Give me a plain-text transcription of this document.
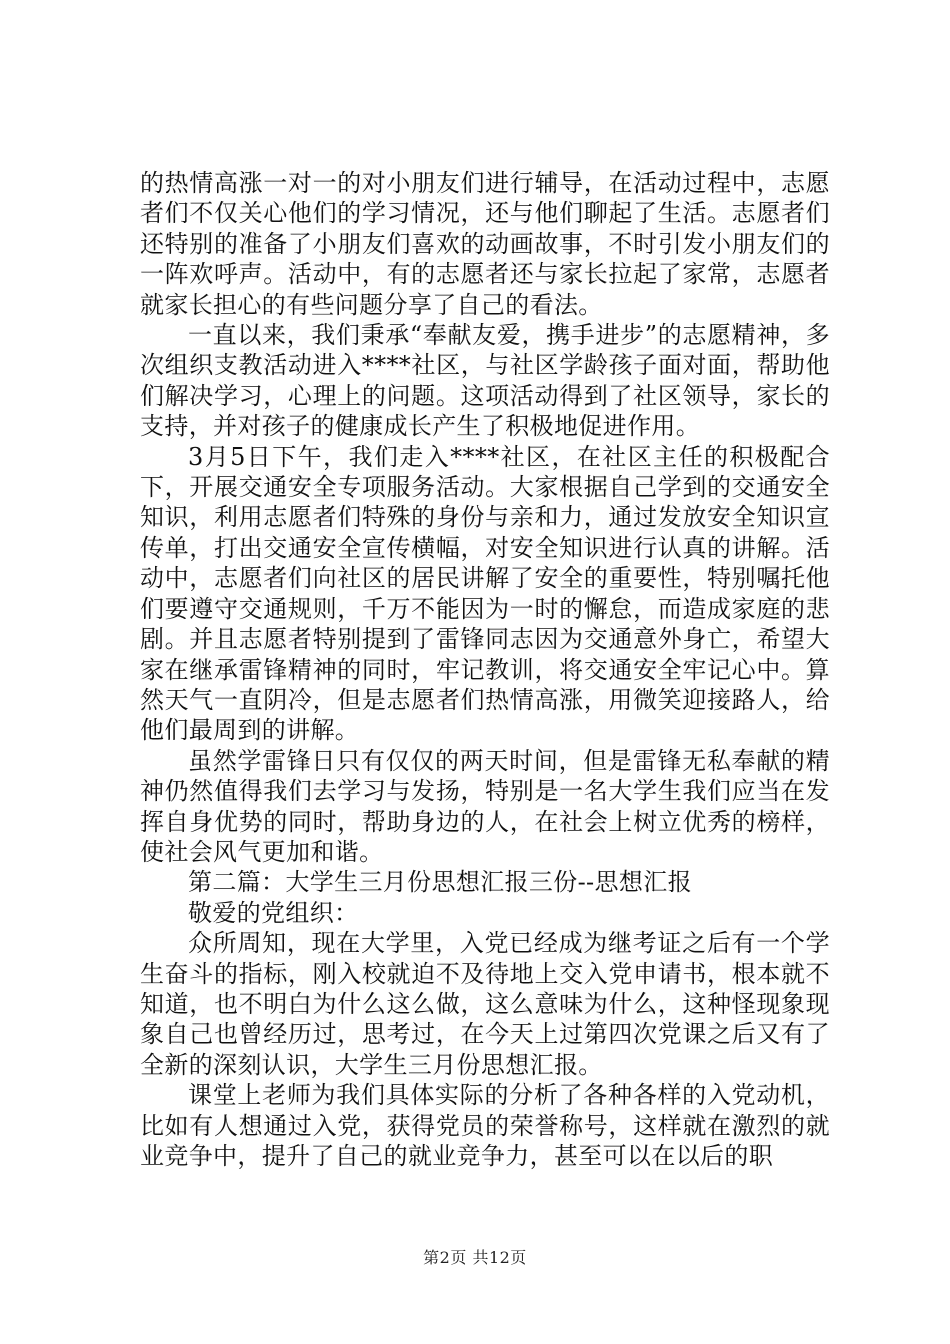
的热情高涨一对一的对小朋友们进行辅导，在活动过程中，志愿者们不仅关心他们的学习情况，还与他们聊起了生活。志愿者们还特别的准备了小朋友们喜欢的动画故事，不时引发小朋友们的一阵欢呼声。活动中，有的志愿者还与家长拉起了家常，志愿者就家长担心的有些问题分享了自己的看法。

一直以来，我们秉承“奉献友爱，携手进步”的志愿精神，多次组织支教活动进入****社区，与社区学龄孩子面对面，帮助他们解决学习，心理上的问题。这项活动得到了社区领导，家长的支持，并对孩子的健康成长产生了积极地促进作用。

3月5日下午，我们走入****社区，在社区主任的积极配合下，开展交通安全专项服务活动。大家根据自己学到的交通安全知识，利用志愿者们特殊的身份与亲和力，通过发放安全知识宣传单，打出交通安全宣传横幅，对安全知识进行认真的讲解。活动中，志愿者们向社区的居民讲解了安全的重要性，特别嘱托他们要遵守交通规则，千万不能因为一时的懈怠，而造成家庭的悲剧。并且志愿者特别提到了雷锋同志因为交通意外身亡，希望大家在继承雷锋精神的同时，牢记教训，将交通安全牢记心中。算然天气一直阴冷，但是志愿者们热情高涨，用微笑迎接路人，给他们最周到的讲解。

虽然学雷锋日只有仅仅的两天时间，但是雷锋无私奉献的精神仍然值得我们去学习与发扬，特别是一名大学生我们应当在发挥自身优势的同时，帮助身边的人，在社会上树立优秀的榜样，使社会风气更加和谐。

第二篇：大学生三月份思想汇报三份--思想汇报

敬爱的党组织：

众所周知，现在大学里，入党已经成为继考证之后有一个学生奋斗的指标，刚入校就迫不及待地上交入党申请书，根本就不知道，也不明白为什么这么做，这么意味为什么，这种怪现象现象自己也曾经历过，思考过，在今天上过第四次党课之后又有了全新的深刻认识，大学生三月份思想汇报。

课堂上老师为我们具体实际的分析了各种各样的入党动机，比如有人想通过入党，获得党员的荣誉称号，这样就在激烈的就业竞争中，提升了自己的就业竞争力，甚至可以在以后的职

第2页 共12页
